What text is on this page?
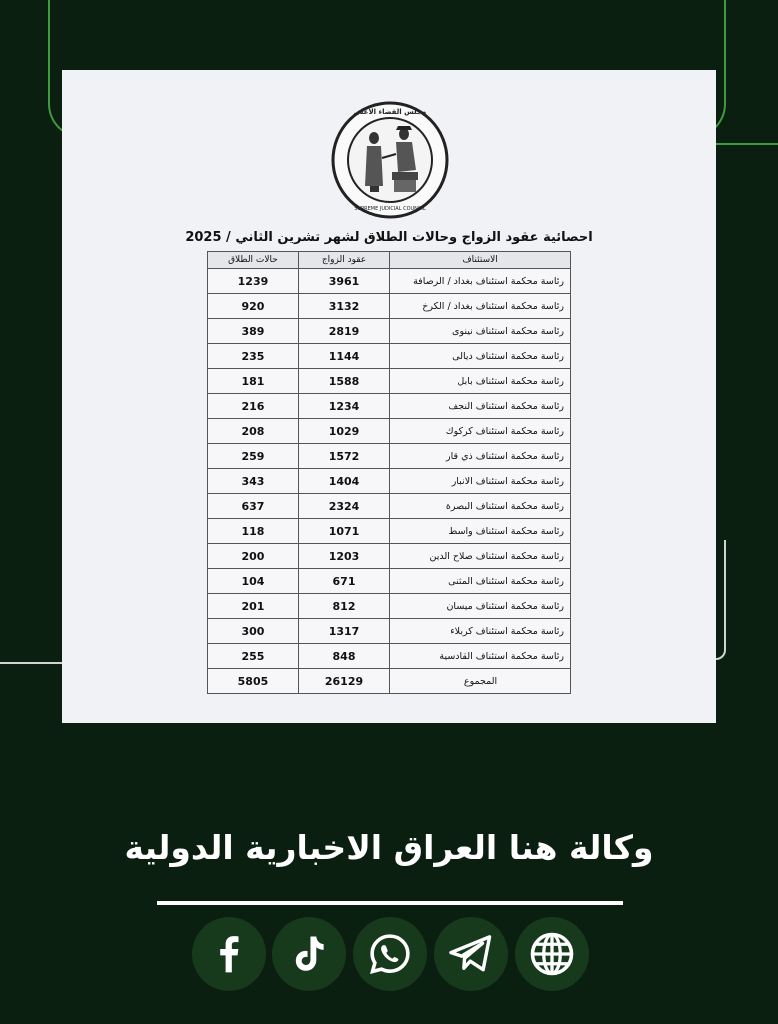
مجلس القضاء الأعلى
SUPREME JUDICIAL COUNCIL
احصائية عقود الزواج وحالات الطلاق لشهر تشرين الثاني / 2025
الاستئناف	عقود الزواج	حالات الطلاق
رئاسة محكمة استئناف بغداد / الرصافة	3961	1239
رئاسة محكمة استئناف بغداد / الكرخ	3132	920
رئاسة محكمة استئناف نينوى	2819	389
رئاسة محكمة استئناف ديالى	1144	235
رئاسة محكمة استئناف بابل	1588	181
رئاسة محكمة استئناف النجف	1234	216
رئاسة محكمة استئناف كركوك	1029	208
رئاسة محكمة استئناف ذي قار	1572	259
رئاسة محكمة استئناف الانبار	1404	343
رئاسة محكمة استئناف البصرة	2324	637
رئاسة محكمة استئناف واسط	1071	118
رئاسة محكمة استئناف صلاح الدين	1203	200
رئاسة محكمة استئناف المثنى	671	104
رئاسة محكمة استئناف ميسان	812	201
رئاسة محكمة استئناف كربلاء	1317	300
رئاسة محكمة استئناف القادسية	848	255
المجموع	26129	5805
وكالة هنا العراق الاخبارية الدولية
